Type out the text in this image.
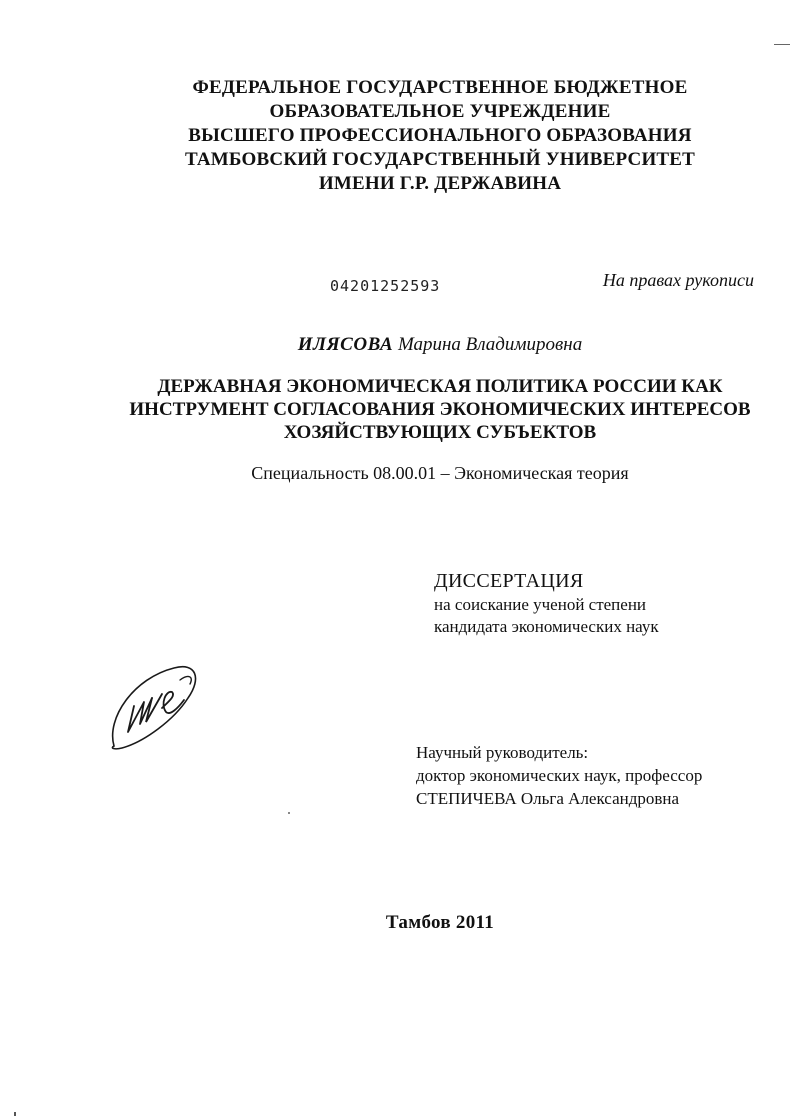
ФЕДЕРАЛЬНОЕ ГОСУДАРСТВЕННОЕ БЮДЖЕТНОЕ
ОБРАЗОВАТЕЛЬНОЕ УЧРЕЖДЕНИЕ
ВЫСШЕГО ПРОФЕССИОНАЛЬНОГО ОБРАЗОВАНИЯ
ТАМБОВСКИЙ ГОСУДАРСТВЕННЫЙ УНИВЕРСИТЕТ
ИМЕНИ Г.Р. ДЕРЖАВИНА
04201252593	На правах рукописи
ИЛЯСОВА Марина Владимировна
ДЕРЖАВНАЯ ЭКОНОМИЧЕСКАЯ ПОЛИТИКА РОССИИ КАК
ИНСТРУМЕНТ СОГЛАСОВАНИЯ ЭКОНОМИЧЕСКИХ ИНТЕРЕСОВ
ХОЗЯЙСТВУЮЩИХ СУБЪЕКТОВ
Специальность 08.00.01 – Экономическая теория
ДИССЕРТАЦИЯ
на соискание ученой степени
кандидата экономических наук
Научный руководитель:
доктор экономических наук, профессор
СТЕПИЧЕВА Ольга Александровна
Тамбов 2011
